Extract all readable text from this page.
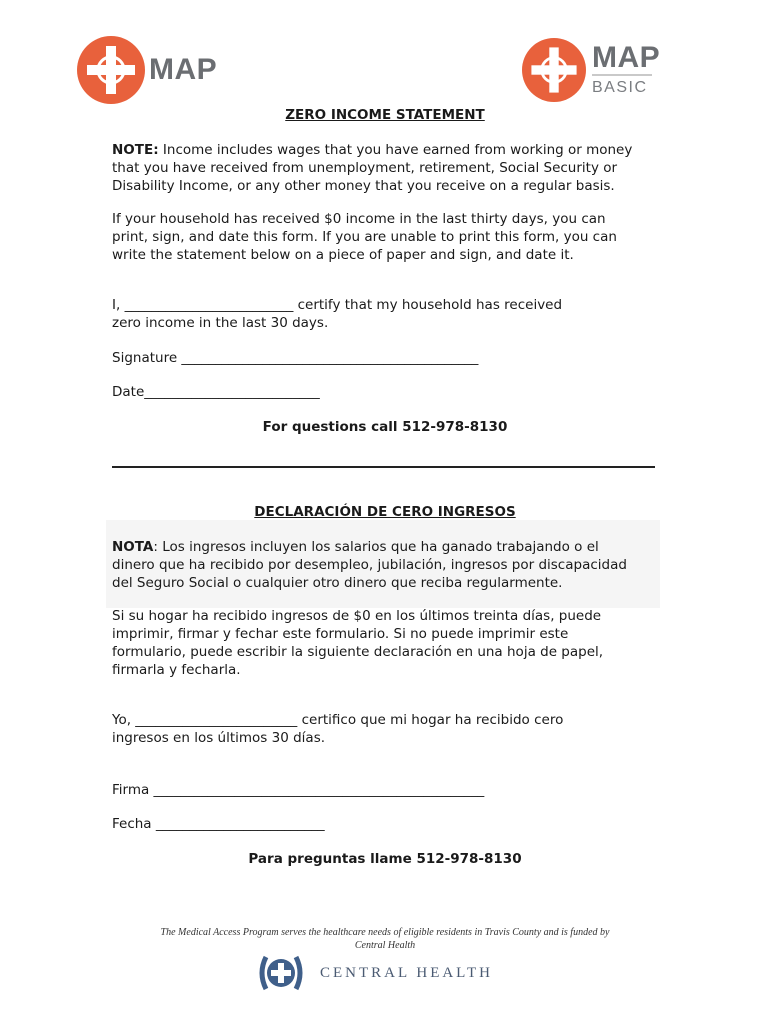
MAP	MAP
BASIC
ZERO INCOME STATEMENT
NOTE: Income includes wages that you have earned from working or money
that you have received from unemployment, retirement, Social Security or
Disability Income, or any other money that you receive on a regular basis.
If your household has received $0 income in the last thirty days, you can
print, sign, and date this form. If you are unable to print this form, you can
write the statement below on a piece of paper and sign, and date it.
I, _________________________ certify that my household has received
zero income in the last 30 days.
Signature ____________________________________________
Date__________________________
For questions call 512-978-8130
DECLARACIÓN DE CERO INGRESOS
NOTA: Los ingresos incluyen los salarios que ha ganado trabajando o el
dinero que ha recibido por desempleo, jubilación, ingresos por discapacidad
del Seguro Social o cualquier otro dinero que reciba regularmente.
Si su hogar ha recibido ingresos de $0 en los últimos treinta días, puede
imprimir, firmar y fechar este formulario. Si no puede imprimir este
formulario, puede escribir la siguiente declaración en una hoja de papel,
firmarla y fecharla.
Yo, ________________________ certifico que mi hogar ha recibido cero
ingresos en los últimos 30 días.
Firma _________________________________________________
Fecha _________________________
Para preguntas llame 512-978-8130
The Medical Access Program serves the healthcare needs of eligible residents in Travis County and is funded by
Central Health
CENTRAL HEALTH
